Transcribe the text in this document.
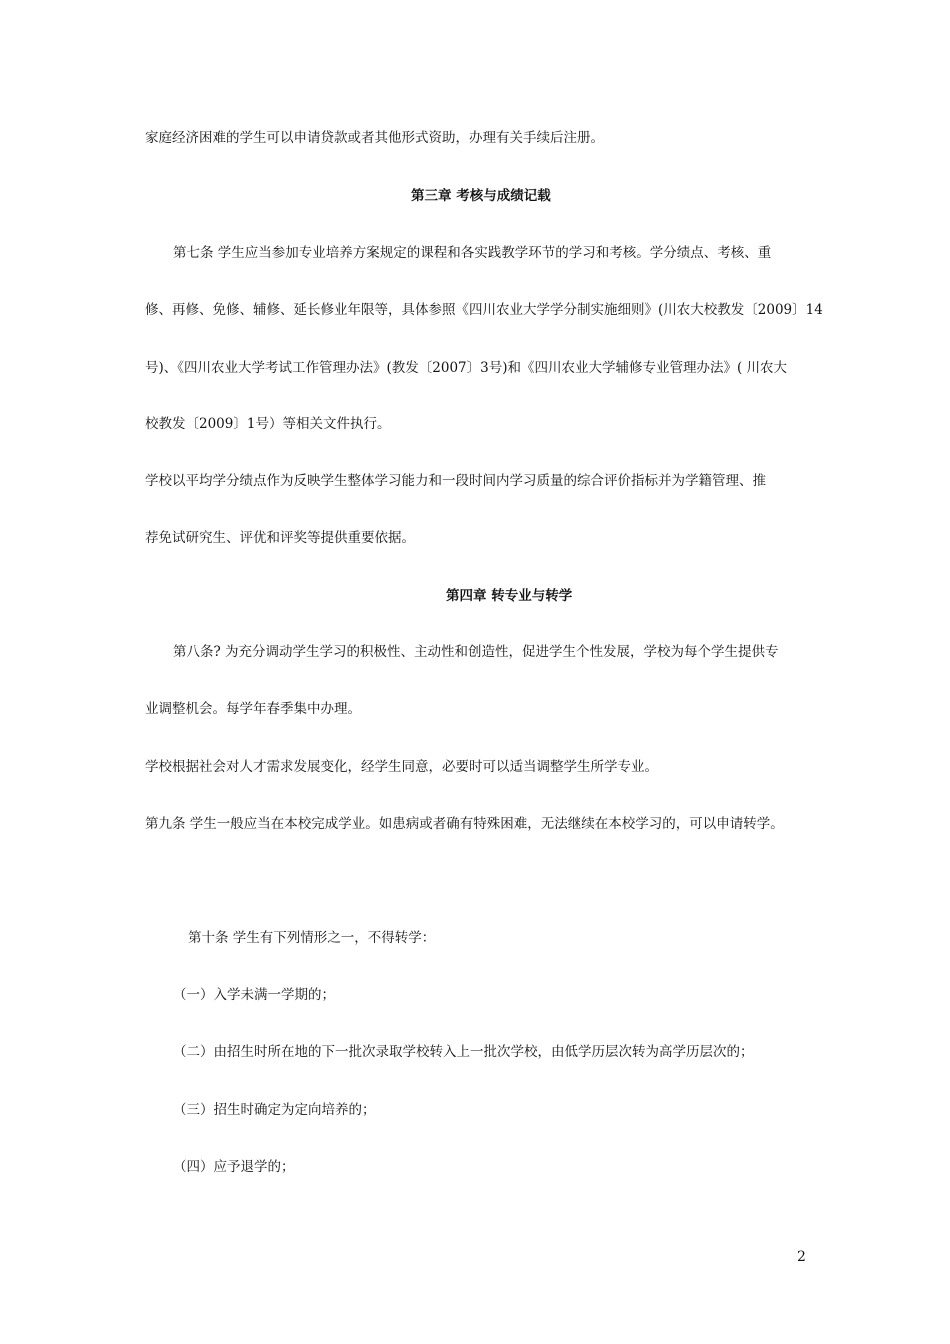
家庭经济困难的学生可以申请贷款或者其他形式资助，办理有关手续后注册。
第三章 考核与成绩记载
第七条 学生应当参加专业培养方案规定的课程和各实践教学环节的学习和考核。学分绩点、考核、重
修、再修、免修、辅修、延长修业年限等，具体参照《四川农业大学学分制实施细则》(川农大校教发〔2009〕14
号)、《四川农业大学考试工作管理办法》(教发〔2007〕3号)和《四川农业大学辅修专业管理办法》( 川农大
校教发〔2009〕1号）等相关文件执行。
学校以平均学分绩点作为反映学生整体学习能力和一段时间内学习质量的综合评价指标并为学籍管理、推
荐免试研究生、评优和评奖等提供重要依据。
第四章 转专业与转学
第八条? 为充分调动学生学习的积极性、主动性和创造性，促进学生个性发展，学校为每个学生提供专
业调整机会。每学年春季集中办理。
学校根据社会对人才需求发展变化，经学生同意，必要时可以适当调整学生所学专业。
第九条 学生一般应当在本校完成学业。如患病或者确有特殊困难，无法继续在本校学习的，可以申请转学。
第十条 学生有下列情形之一，不得转学：
（一）入学未满一学期的；
（二）由招生时所在地的下一批次录取学校转入上一批次学校，由低学历层次转为高学历层次的；
（三）招生时确定为定向培养的；
（四）应予退学的；
2
